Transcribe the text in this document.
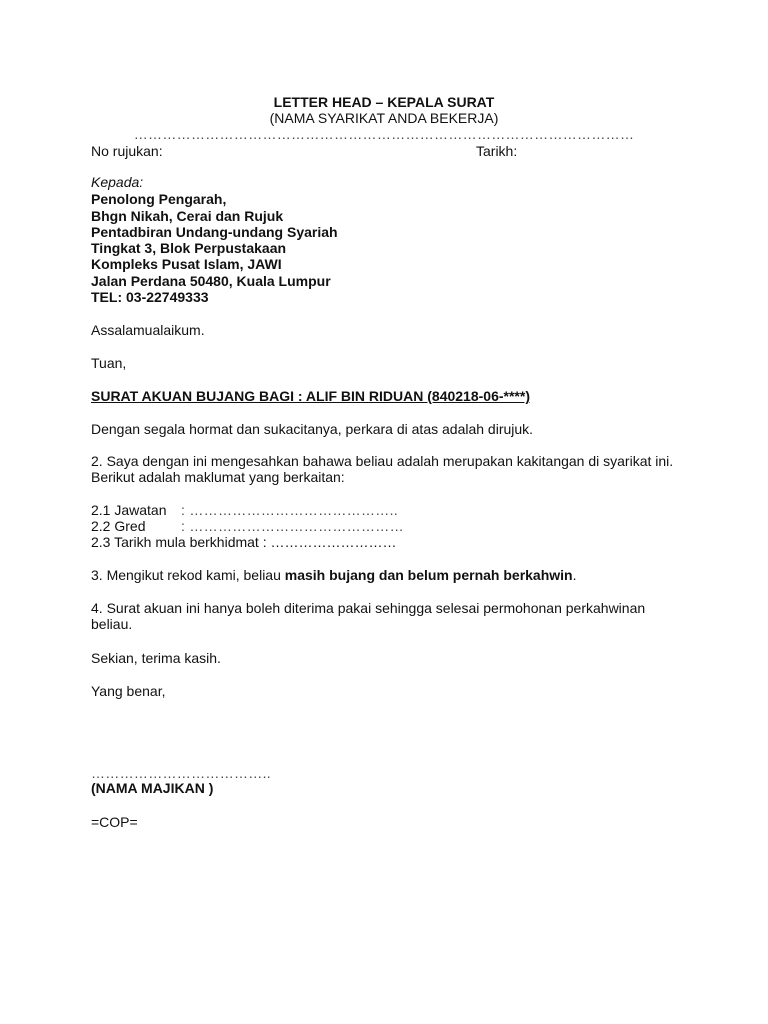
LETTER HEAD – KEPALA SURAT
(NAMA SYARIKAT ANDA BEKERJA)
……………………………………………………………………………………………
No rujukan:	Tarikh:
Kepada:
Penolong Pengarah,
Bhgn Nikah, Cerai dan Rujuk
Pentadbiran Undang-undang Syariah
Tingkat 3, Blok Perpustakaan
Kompleks Pusat Islam, JAWI
Jalan Perdana 50480, Kuala Lumpur
TEL: 03-22749333
Assalamualaikum.
Tuan,
SURAT AKUAN BUJANG BAGI : ALIF BIN RIDUAN (840218-06-****)
Dengan segala hormat dan sukacitanya, perkara di atas adalah dirujuk.
2. Saya dengan ini mengesahkan bahawa beliau adalah merupakan kakitangan di syarikat ini.
Berikut adalah maklumat yang berkaitan:
2.1 Jawatan : ……………………………………..
2.2 Gred	: ………………………………………
2.3 Tarikh mula berkhidmat : ………………………
3. Mengikut rekod kami, beliau masih bujang dan belum pernah berkahwin.
4. Surat akuan ini hanya boleh diterima pakai sehingga selesai permohonan perkahwinan
beliau.
Sekian, terima kasih.
Yang benar,
………………………………..
(NAMA MAJIKAN )
=COP=
